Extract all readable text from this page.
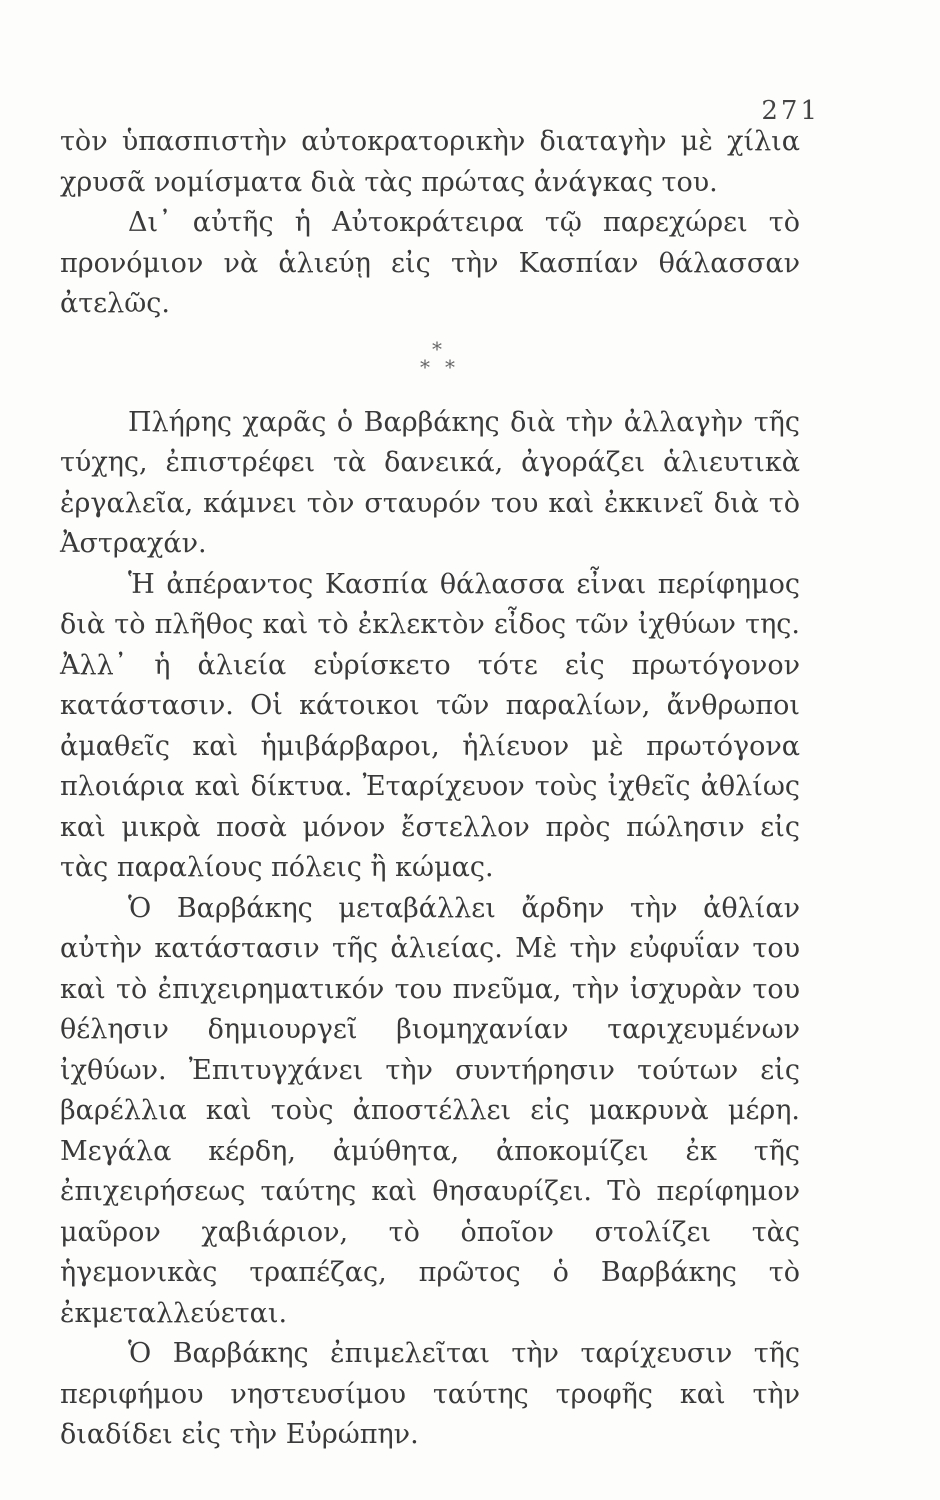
271

τὸν ὑπασπιστὴν αὐτοκρατορικὴν διαταγὴν μὲ χίλια χρυσᾶ νομίσματα διὰ τὰς πρώτας ἀνάγκας του.

Δι᾽ αὐτῆς ἡ Αὐτοκράτειρα τῷ παρεχώρει τὸ προνόμιον νὰ ἁλιεύῃ εἰς τὴν Κασπίαν θάλασσαν ἀτελῶς.

*
* *

Πλήρης χαρᾶς ὁ Βαρβάκης διὰ τὴν ἀλλαγὴν τῆς τύχης, ἐπιστρέφει τὰ δανεικά, ἀγοράζει ἁλιευτικὰ ἐργαλεῖα, κάμνει τὸν σταυρόν του καὶ ἐκκινεῖ διὰ τὸ Ἀστραχάν.

Ἡ ἀπέραντος Κασπία θάλασσα εἶναι περίφημος διὰ τὸ πλῆθος καὶ τὸ ἐκλεκτὸν εἶδος τῶν ἰχθύων της. Ἀλλ᾽ ἡ ἁλιεία εὑρίσκετο τότε εἰς πρωτόγονον κατάστασιν. Οἱ κάτοικοι τῶν παραλίων, ἄνθρωποι ἀμαθεῖς καὶ ἡμιβάρβαροι, ἡλίευον μὲ πρωτόγονα πλοιάρια καὶ δίκτυα. Ἐταρίχευον τοὺς ἰχθεῖς ἀθλίως καὶ μικρὰ ποσὰ μόνον ἔστελλον πρὸς πώλησιν εἰς τὰς παραλίους πόλεις ἢ κώμας.

Ὁ Βαρβάκης μεταβάλλει ἄρδην τὴν ἀθλίαν αὐτὴν κατάστασιν τῆς ἁλιείας. Μὲ τὴν εὐφυΐαν του καὶ τὸ ἐπιχειρηματικόν του πνεῦμα, τὴν ἰσχυρὰν του θέλησιν δημιουργεῖ βιομηχανίαν ταριχευμένων ἰχθύων. Ἐπιτυγχάνει τὴν συντήρησιν τούτων εἰς βαρέλλια καὶ τοὺς ἀποστέλλει εἰς μακρυνὰ μέρη. Μεγάλα κέρδη, ἀμύθητα, ἀποκομίζει ἐκ τῆς ἐπιχειρήσεως ταύτης καὶ θησαυρίζει. Τὸ περίφημον μαῦρον χαβιάριον, τὸ ὁποῖον στολίζει τὰς ἡγεμονικὰς τραπέζας, πρῶτος ὁ Βαρβάκης τὸ ἐκμεταλλεύεται.

Ὁ Βαρβάκης ἐπιμελεῖται τὴν ταρίχευσιν τῆς περιφήμου νηστευσίμου ταύτης τροφῆς καὶ τὴν διαδίδει εἰς τὴν Εὐρώπην.
